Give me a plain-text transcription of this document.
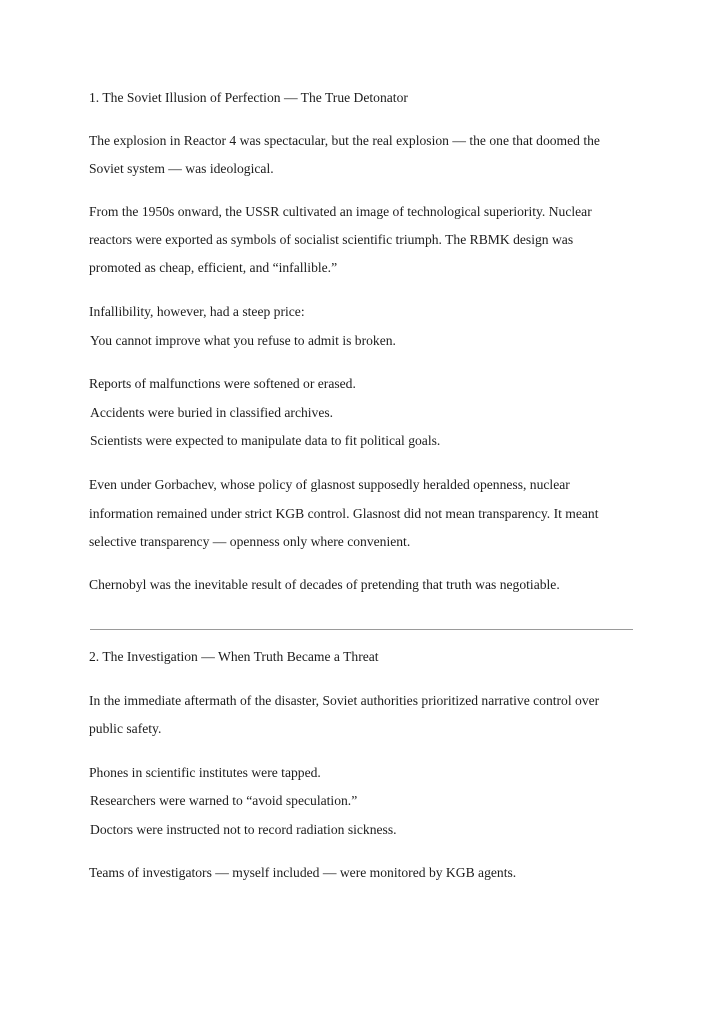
1. The Soviet Illusion of Perfection — The True Detonator

The explosion in Reactor 4 was spectacular, but the real explosion — the one that doomed the

Soviet system — was ideological.

From the 1950s onward, the USSR cultivated an image of technological superiority. Nuclear

reactors were exported as symbols of socialist scientific triumph. The RBMK design was

promoted as cheap, efficient, and “infallible.”

Infallibility, however, had a steep price:

You cannot improve what you refuse to admit is broken.

Reports of malfunctions were softened or erased.

Accidents were buried in classified archives.

Scientists were expected to manipulate data to fit political goals.

Even under Gorbachev, whose policy of glasnost supposedly heralded openness, nuclear

information remained under strict KGB control. Glasnost did not mean transparency. It meant

selective transparency — openness only where convenient.

Chernobyl was the inevitable result of decades of pretending that truth was negotiable.

2. The Investigation — When Truth Became a Threat

In the immediate aftermath of the disaster, Soviet authorities prioritized narrative control over

public safety.

Phones in scientific institutes were tapped.

Researchers were warned to “avoid speculation.”

Doctors were instructed not to record radiation sickness.

Teams of investigators — myself included — were monitored by KGB agents.
